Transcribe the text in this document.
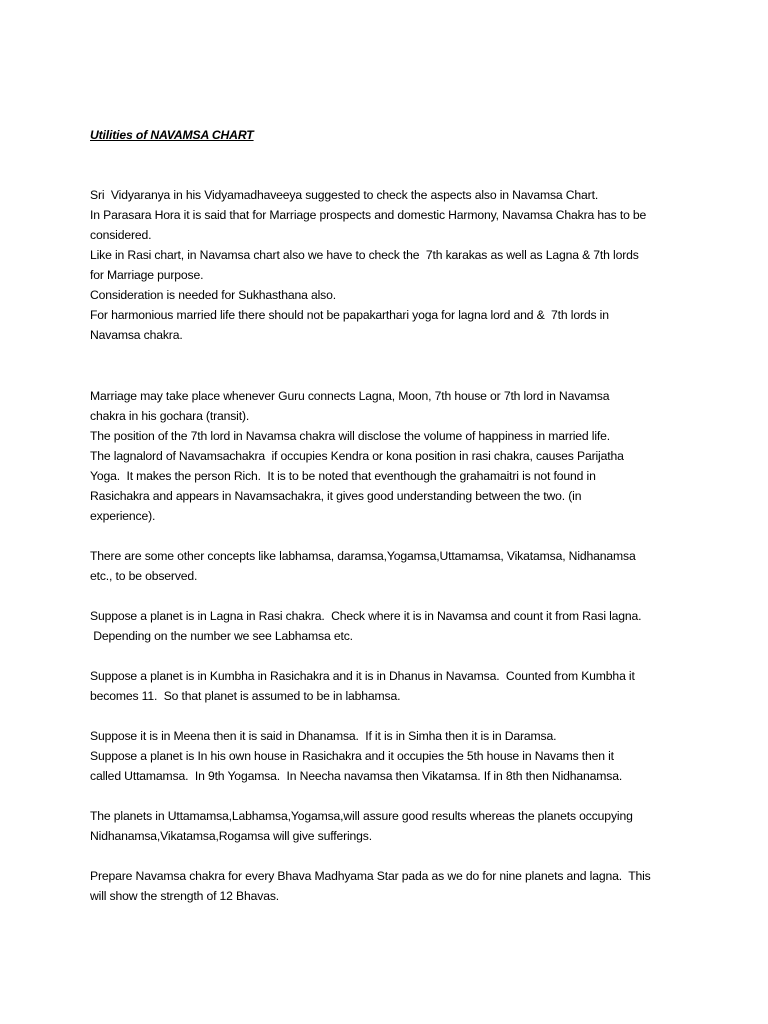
Utilities of NAVAMSA CHART

Sri  Vidyaranya in his Vidyamadhaveeya suggested to check the aspects also in Navamsa Chart.
In Parasara Hora it is said that for Marriage prospects and domestic Harmony, Navamsa Chakra has to be
considered.
Like in Rasi chart, in Navamsa chart also we have to check the  7th karakas as well as Lagna & 7th lords
for Marriage purpose.
Consideration is needed for Sukhasthana also.
For harmonious married life there should not be papakarthari yoga for lagna lord and &  7th lords in
Navamsa chakra.

Marriage may take place whenever Guru connects Lagna, Moon, 7th house or 7th lord in Navamsa
chakra in his gochara (transit).
The position of the 7th lord in Navamsa chakra will disclose the volume of happiness in married life.
The lagnalord of Navamsachakra  if occupies Kendra or kona position in rasi chakra, causes Parijatha
Yoga.  It makes the person Rich.  It is to be noted that eventhough the grahamaitri is not found in
Rasichakra and appears in Navamsachakra, it gives good understanding between the two. (in
experience).

There are some other concepts like labhamsa, daramsa,Yogamsa,Uttamamsa, Vikatamsa, Nidhanamsa
etc., to be observed.

Suppose a planet is in Lagna in Rasi chakra.  Check where it is in Navamsa and count it from Rasi lagna.
Depending on the number we see Labhamsa etc.

Suppose a planet is in Kumbha in Rasichakra and it is in Dhanus in Navamsa.  Counted from Kumbha it
becomes 11.  So that planet is assumed to be in labhamsa.

Suppose it is in Meena then it is said in Dhanamsa.  If it is in Simha then it is in Daramsa.
Suppose a planet is In his own house in Rasichakra and it occupies the 5th house in Navams then it
called Uttamamsa.  In 9th Yogamsa.  In Neecha navamsa then Vikatamsa. If in 8th then Nidhanamsa.

The planets in Uttamamsa,Labhamsa,Yogamsa,will assure good results whereas the planets occupying
Nidhanamsa,Vikatamsa,Rogamsa will give sufferings.

Prepare Navamsa chakra for every Bhava Madhyama Star pada as we do for nine planets and lagna.  This
will show the strength of 12 Bhavas.
